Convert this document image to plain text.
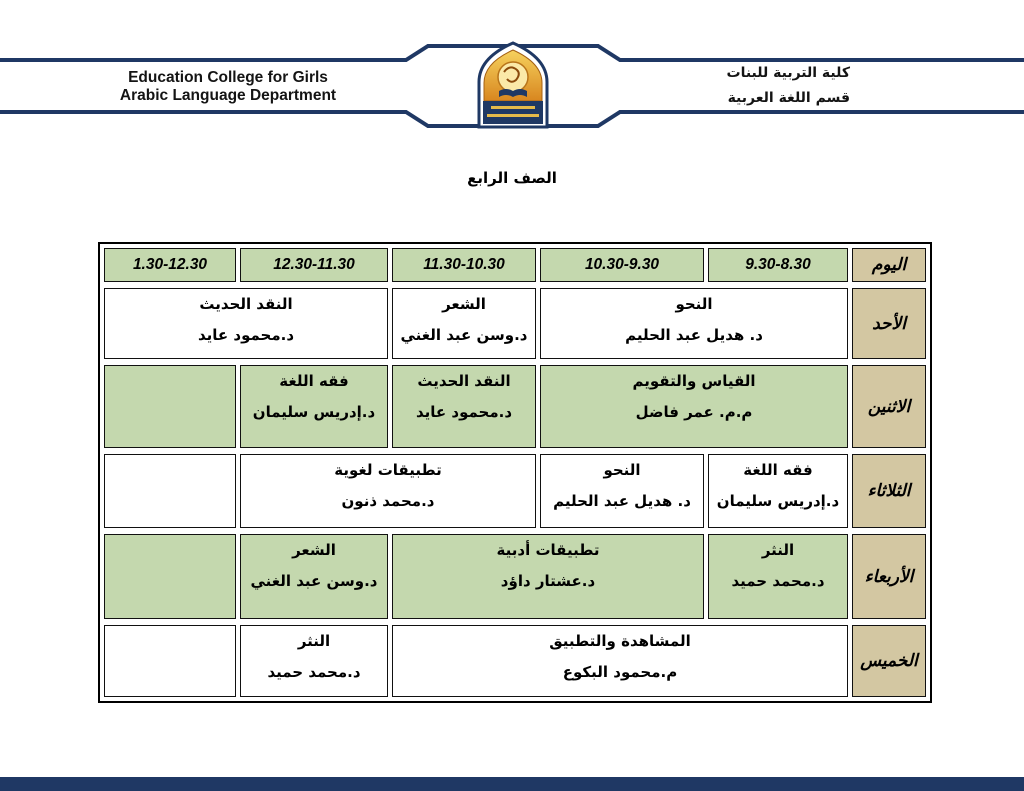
Education College for Girls
Arabic Language Department
كلية التربية للبنات
قسم اللغة العربية
الصف الرابع
اليوم
9.30-8.30
10.30-9.30
11.30-10.30
12.30-11.30
1.30-12.30
الأحد
النحو
د. هديل عبد الحليم
الشعر
د.وسن عبد الغني
النقد الحديث
د.محمود عايد
الاثنين
القياس والتقويم
م.م. عمر فاضل
النقد الحديث
د.محمود عايد
فقه اللغة
د.إدريس سليمان
الثلاثاء
فقه اللغة
د.إدريس سليمان
النحو
د. هديل عبد الحليم
تطبيقات لغوية
د.محمد ذنون
الأربعاء
النثر
د.محمد حميد
تطبيقات أدبية
د.عشتار داؤد
الشعر
د.وسن عبد الغني
الخميس
المشاهدة والتطبيق
م.محمود البكوع
النثر
د.محمد حميد
